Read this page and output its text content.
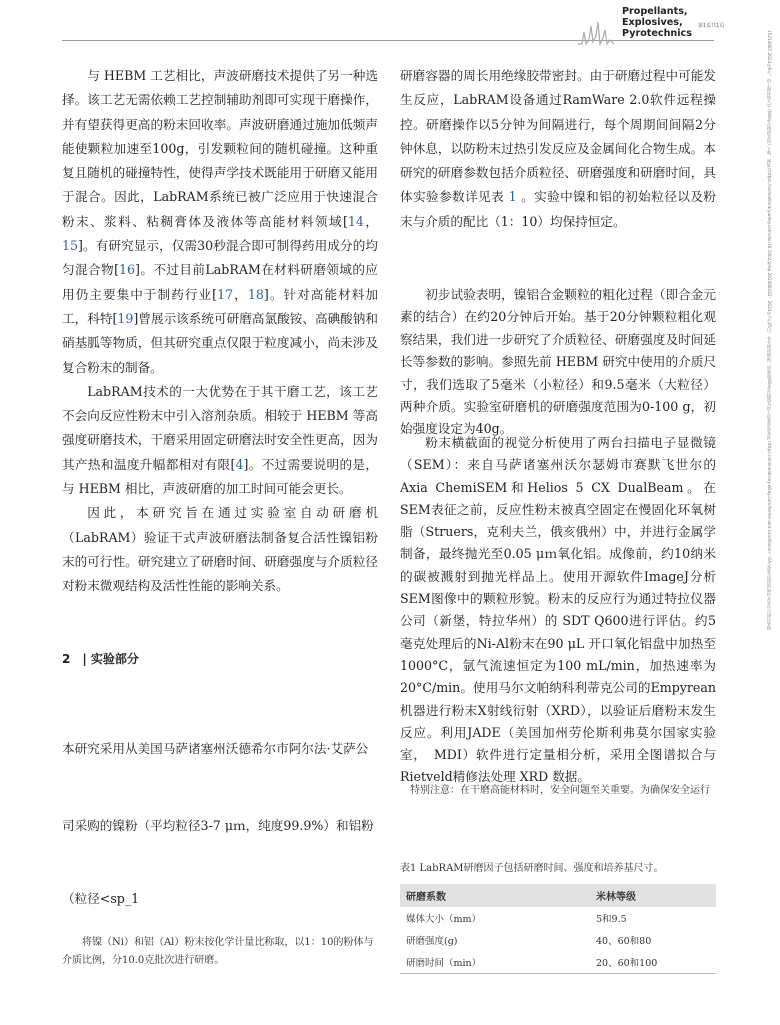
Propellants,
Explosives,
Pyrotechnics
第1页共1页
15214087,2024年6月，由上海环球大学 (Wiley在线图书馆) 下载，网址为https://onlinelibrary.wiley.com/doi/10.1002/prep.202400102，2024年7月25日。有关使用规则，请参阅Wiley在线图书馆上的条款和条件 (https://onlinelibrary.wiley.com/terms-and-conditions)；OA文章受适用的知识共享许可协议管辖

与 HEBM 工艺相比，声波研磨技术提供了另一种选择。该工艺无需依赖工艺控制辅助剂即可实现干磨操作，并有望获得更高的粉末回收率。声波研磨通过施加低频声能使颗粒加速至100g，引发颗粒间的随机碰撞。这种重复且随机的碰撞特性，使得声学技术既能用于研磨又能用于混合。因此，LabRAM系统已被广泛应用于快速混合粉末、浆料、粘稠膏体及液体等高能材料领域[14，15]。有研究显示，仅需30秒混合即可制得药用成分的均匀混合物[16]。不过目前LabRAM在材料研磨领域的应用仍主要集中于制药行业[17，18]。针对高能材料加工，科特[19]曾展示该系统可研磨高氯酸铵、高碘酸钠和硝基胍等物质，但其研究重点仅限于粒度减小，尚未涉及复合粉末的制备。

LabRAM技术的一大优势在于其干磨工艺，该工艺不会向反应性粉末中引入溶剂杂质。相较于 HEBM 等高强度研磨技术，干磨采用固定研磨法时安全性更高，因为其产热和温度升幅都相对有限[4]。不过需要说明的是，与 HEBM 相比，声波研磨的加工时间可能会更长。

因此，本研究旨在通过实验室自动研磨机（LabRAM）验证干式声波研磨法制备复合活性镍铝粉末的可行性。研究建立了研磨时间、研磨强度与介质粒径对粉末微观结构及活性性能的影响关系。

2　| 实验部分
本研究采用从美国马萨诸塞州沃德希尔市阿尔法·艾萨公
司采购的镍粉（平均粒径3-7 μｍ，纯度99.9%）和铝粉
（粒径<sp_1

将镍（Ni）和铝（Al）粉末按化学计量比称取，以1：10的粉体与介质比例，分10.0克批次进行研磨。

研磨容器的周长用绝缘胶带密封。由于研磨过程中可能发生反应，LabRAM设备通过RamWare 2.0软件远程操控。研磨操作以5分钟为间隔进行，每个周期间间隔2分钟休息，以防粉末过热引发反应及金属间化合物生成。本研究的研磨参数包括介质粒径、研磨强度和研磨时间，具体实验参数详见表 1 。实验中镍和铝的初始粒径以及粉末与介质的配比（1：10）均保持恒定。

初步试验表明，镍铝合金颗粒的粗化过程（即合金元素的结合）在约20分钟后开始。基于20分钟颗粒粗化观察结果，我们进一步研究了介质粒径、研磨强度及时间延长等参数的影响。参照先前 HEBM 研究中使用的介质尺寸，我们选取了5毫米（小粒径）和9.5毫米（大粒径）两种介质。实验室研磨机的研磨强度范围为0-100 g，初始强度设定为40g。

粉末横截面的视觉分析使用了两台扫描电子显微镜（SEM）：来自马萨诸塞州沃尔瑟姆市赛默飞世尔的Axia ChemiSEM和Helios 5 CX DualBeam。在SEM表征之前，反应性粉末被真空固定在慢固化环氧树脂（Struers，克利夫兰，俄亥俄州）中，并进行金属学制备，最终抛光至0.05 μｍ氧化铝。成像前，约10纳米的碳被溅射到抛光样品上。使用开源软件ImageJ分析SEM图像中的颗粒形貌。粉末的反应行为通过特拉仪器公司（新堡，特拉华州）的 SDT Q600进行评估。约5毫克处理后的Ni-Al粉末在90 μL 开口氧化铝盘中加热至1000°C，氩气流速恒定为100 mL/min，加热速率为20°C/min。使用马尔文帕纳科利蒂克公司的Empyrean机器进行粉末X射线衍射（XRD），以验证后磨粉末发生反应。利用JADE（美国加州劳伦斯利弗莫尔国家实验室，　MDI）软件进行定量相分析，采用全图谱拟合与Rietveld精修法处理 XRD 数据。

特别注意：在干磨高能材料时，安全问题至关重要。为确保安全运行

表1 LabRAM研磨因子包括研磨时间、强度和培养基尺寸。
研磨系数	米林等级
媒体大小（mm）	5和9.5
研磨强度(g)	40、60和80
研磨时间（min）	20、60和100
